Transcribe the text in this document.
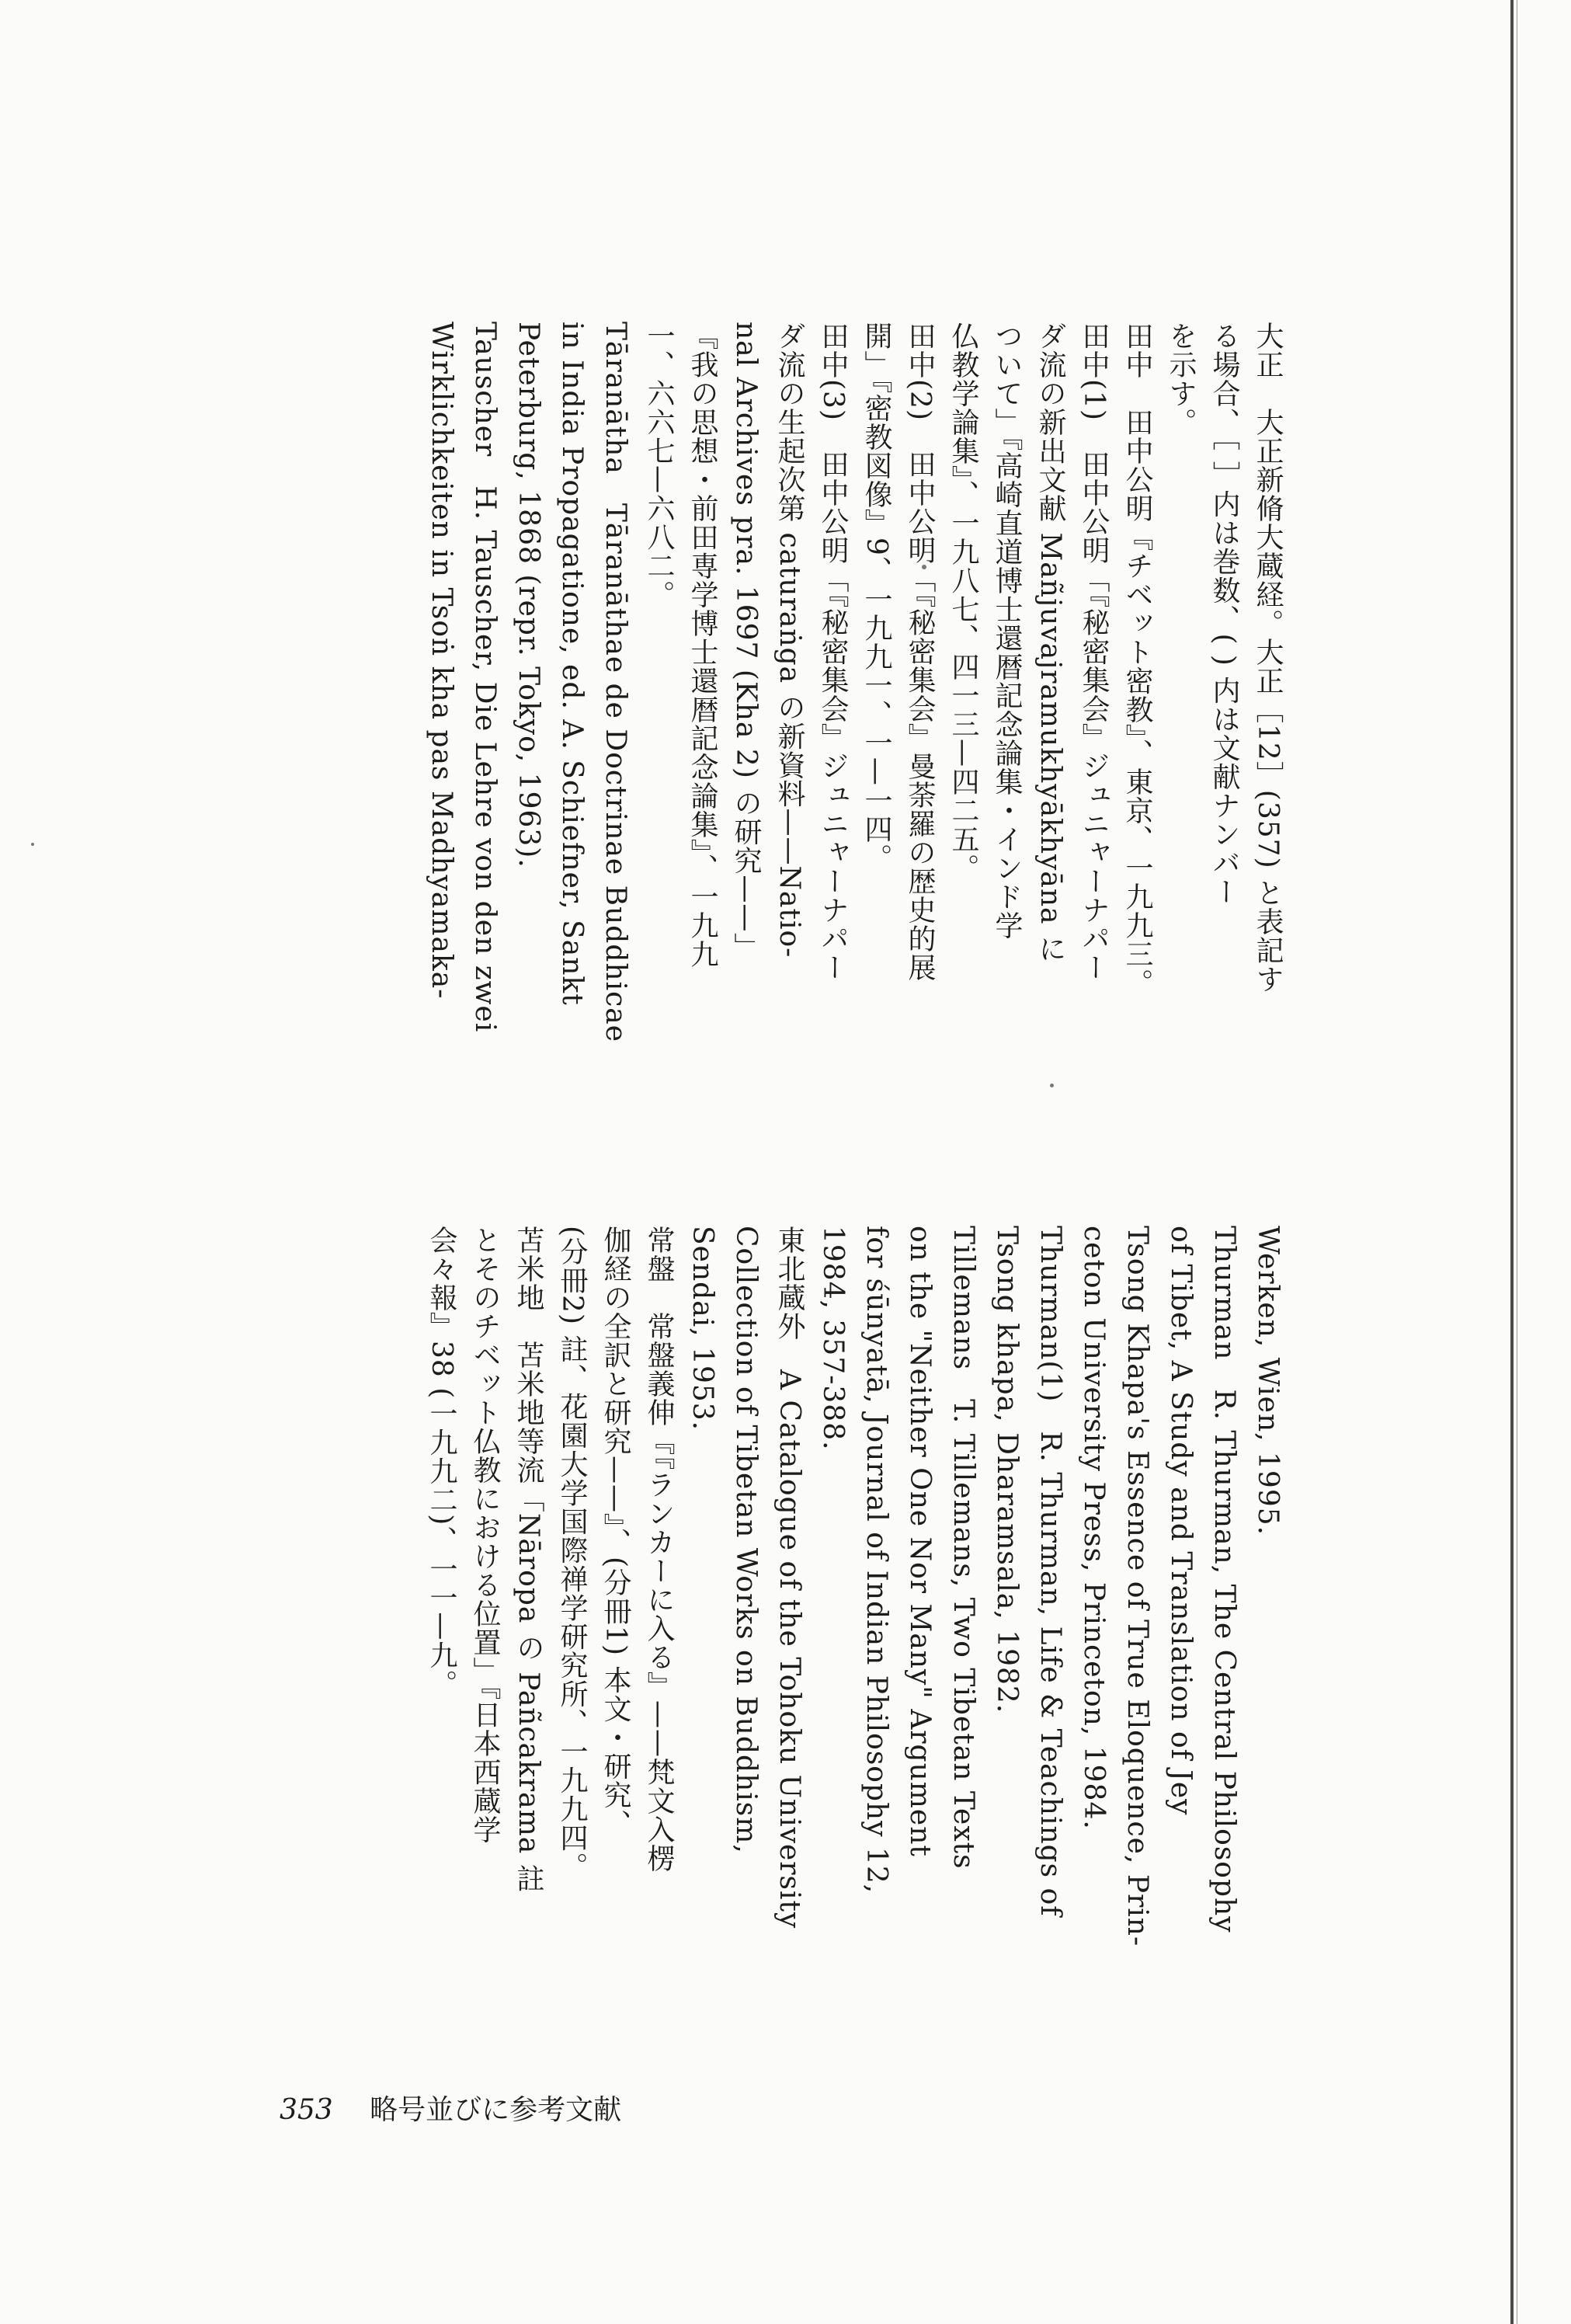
大正　大正新脩大蔵経。大正［12］(357) と表記す
る場合、［ ］内は巻数、( ) 内は文献ナンバー
を示す。
田中　田中公明『チベット密教』、東京、一九九三。
田中(1)　田中公明「『秘密集会』ジュニャーナパー
ダ流の新出文献 Mañjuvajramukhyākhyāna に
ついて」『高崎直道博士還暦記念論集・インド学
仏教学論集』、一九八七、四一三—四二五。
田中(2)　田中公明「『秘密集会』曼荼羅の歴史的展
開」『密教図像』9、一九九一、一—一四。
田中(3)　田中公明「『秘密集会』ジュニャーナパー
ダ流の生起次第 caturaṅga の新資料——Natio-
nal Archives pra. 1697 (Kha 2) の研究——」
『我の思想・前田専学博士還暦記念論集』、一九九
一、六六七—六八二。
Tāranātha　Tāranāthae de Doctrinae Buddhicae
in India Propagatione, ed. A. Schiefner, Sankt
Peterburg, 1868 (repr. Tokyo, 1963).
Tauscher　H. Tauscher, Die Lehre von den zwei
Wirklichkeiten in Tsoṅ kha pas Madhyamaka-
Werken, Wien, 1995.
Thurman　R. Thurman, The Central Philosophy
of Tibet, A Study and Translation of Jey
Tsong Khapa's Essence of True Eloquence, Prin-
ceton University Press, Princeton, 1984.
Thurman(1)　R. Thurman, Life & Teachings of
Tsong khapa, Dharamsala, 1982.
Tillemans　T. Tillemans, Two Tibetan Texts
on the "Neither One Nor Many" Argument
for śūnyatā, Journal of Indian Philosophy 12,
1984, 357-388.
東北蔵外　A Catalogue of the Tohoku University
Collection of Tibetan Works on Buddhism,
Sendai, 1953.
常盤　常盤義伸『『ランカーに入る』——梵文入楞
伽経の全訳と研究——』、(分冊1) 本文・研究、
(分冊2) 註、花園大学国際禅学研究所、一九九四。
苫米地　苫米地等流「Nāropa の Pañcakrama 註
とそのチベット仏教における位置」『日本西蔵学
会々報』38 (一九九二)、一一—九。
353 略号並びに参考文献
